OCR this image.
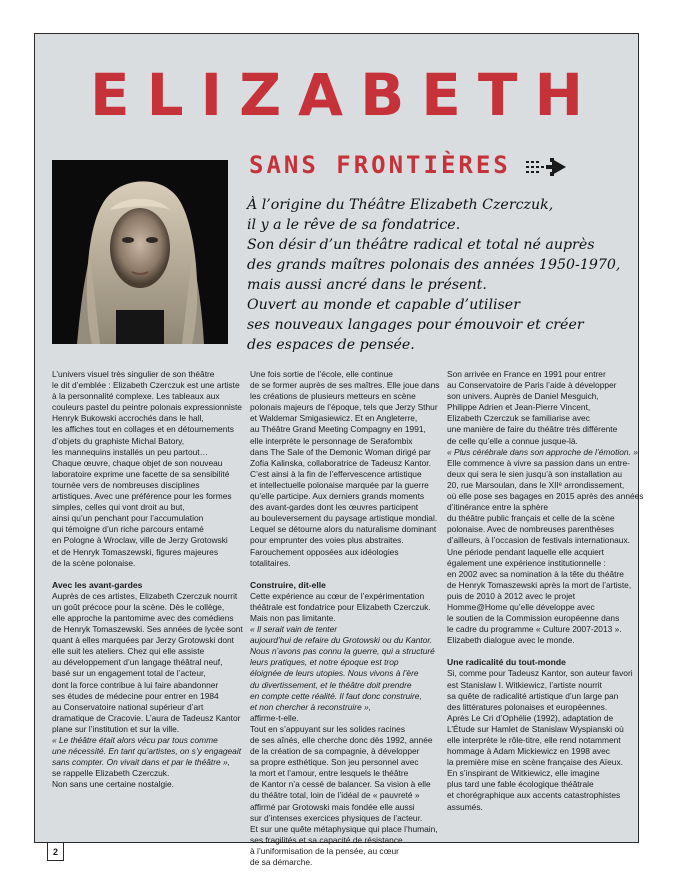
ELIZABETH
SANS FRONTIÈRES
À l’origine du Théâtre Elizabeth Czerczuk,
il y a le rêve de sa fondatrice.
Son désir d’un théâtre radical et total né auprès
des grands maîtres polonais des années 1950-1970,
mais aussi ancré dans le présent.
Ouvert au monde et capable d’utiliser
ses nouveaux langages pour émouvoir et créer
des espaces de pensée.

L’univers visuel très singulier de son théâtre
le dit d’emblée : Elizabeth Czerczuk est une artiste
à la personnalité complexe. Les tableaux aux
couleurs pastel du peintre polonais expressionniste
Henryk Bukowski accrochés dans le hall,
les affiches tout en collages et en détournements
d’objets du graphiste Michal Batory,
les mannequins installés un peu partout…
Chaque œuvre, chaque objet de son nouveau
laboratoire exprime une facette de sa sensibilité
tournée vers de nombreuses disciplines
artistiques. Avec une préférence pour les formes
simples, celles qui vont droit au but,
ainsi qu’un penchant pour l’accumulation
qui témoigne d’un riche parcours entamé
en Pologne à Wroclaw, ville de Jerzy Grotowski
et de Henryk Tomaszewski, figures majeures
de la scène polonaise.

Avec les avant-gardes

Auprès de ces artistes, Elizabeth Czerczuk nourrit
un goût précoce pour la scène. Dès le collège,
elle approche la pantomime avec des comédiens
de Henryk Tomaszewski. Ses années de lycée sont
quant à elles marquées par Jerzy Grotowski dont
elle suit les ateliers. Chez qui elle assiste
au développement d’un langage théâtral neuf,
basé sur un engagement total de l’acteur,
dont la force contribue à lui faire abandonner
ses études de médecine pour entrer en 1984
au Conservatoire national supérieur d’art
dramatique de Cracovie. L’aura de Tadeusz Kantor
plane sur l’institution et sur la ville.
« Le théâtre était alors vécu par tous comme
une nécessité. En tant qu’artistes, on s’y engageait
sans compter. On vivait dans et par le théâtre »,
se rappelle Elizabeth Czerczuk.
Non sans une certaine nostalgie.

Une fois sortie de l’école, elle continue
de se former auprès de ses maîtres. Elle joue dans
les créations de plusieurs metteurs en scène
polonais majeurs de l’époque, tels que Jerzy Sthur
et Waldemar Smigasiewicz. Et en Angleterre,
au Théâtre Grand Meeting Compagny en 1991,
elle interprète le personnage de Serafombix
dans The Sale of the Demonic Woman dirigé par
Zofia Kalinska, collaboratrice de Tadeusz Kantor.
C’est ainsi à la fin de l’effervescence artistique
et intellectuelle polonaise marquée par la guerre
qu’elle participe. Aux derniers grands moments
des avant-gardes dont les œuvres participent
au bouleversement du paysage artistique mondial.
Lequel se détourne alors du naturalisme dominant
pour emprunter des voies plus abstraites.
Farouchement opposées aux idéologies
totalitaires.

Construire, dit-elle

Cette expérience au cœur de l’expérimentation
théâtrale est fondatrice pour Elizabeth Czerczuk.
Mais non pas limitante.
« Il serait vain de tenter
aujourd’hui de refaire du Grotowski ou du Kantor.
Nous n’avons pas connu la guerre, qui a structuré
leurs pratiques, et notre époque est trop
éloignée de leurs utopies. Nous vivons à l’ère
du divertissement, et le théâtre doit prendre
en compte cette réalité. Il faut donc construire,
et non chercher à reconstruire »,
affirme-t-elle.
Tout en s’appuyant sur les solides racines
de ses aînés, elle cherche donc dès 1992, année
de la création de sa compagnie, à développer
sa propre esthétique. Son jeu personnel avec
la mort et l’amour, entre lesquels le théâtre
de Kantor n’a cessé de balancer. Sa vision à elle
du théâtre total, loin de l’idéal de « pauvreté »
affirmé par Grotowski mais fondée elle aussi
sur d’intenses exercices physiques de l’acteur.
Et sur une quête métaphysique qui place l’humain,
ses fragilités et sa capacité de résistance
à l’uniformisation de la pensée, au cœur
de sa démarche.

Son arrivée en France en 1991 pour entrer
au Conservatoire de Paris l’aide à développer
son univers. Auprès de Daniel Mesguich,
Philippe Adrien et Jean-Pierre Vincent,
Elizabeth Czerczuk se familiarise avec
une manière de faire du théâtre très différente
de celle qu’elle a connue jusque-là.
« Plus cérébrale dans son approche de l’émotion. »
Elle commence à vivre sa passion dans un entre-
deux qui sera le sien jusqu’à son installation au
20, rue Marsoulan, dans le XIIᵉ arrondissement,
où elle pose ses bagages en 2015 après des années
d’itinérance entre la sphère
du théâtre public français et celle de la scène
polonaise. Avec de nombreuses parenthèses
d’ailleurs, à l’occasion de festivals internationaux.
Une période pendant laquelle elle acquiert
également une expérience institutionnelle :
en 2002 avec sa nomination à la tête du théâtre
de Henryk Tomaszewski après la mort de l’artiste,
puis de 2010 à 2012 avec le projet
Homme@Home qu’elle développe avec
le soutien de la Commission européenne dans
le cadre du programme « Culture 2007-2013 ».
Elizabeth dialogue avec le monde.

Une radicalité du tout-monde

Si, comme pour Tadeusz Kantor, son auteur favori
est Stanislaw I. Witkiewicz, l’artiste nourrit
sa quête de radicalité artistique d’un large pan
des littératures polonaises et européennes.
Après Le Cri d’Ophélie (1992), adaptation de
L’Étude sur Hamlet de Stanislaw Wyspianski où
elle interprète le rôle-titre, elle rend notamment
hommage à Adam Mickiewicz en 1998 avec
la première mise en scène française des Aïeux.
En s’inspirant de Witkiewicz, elle imagine
plus tard une fable écologique théâtrale
et chorégraphique aux accents catastrophistes
assumés.

2
